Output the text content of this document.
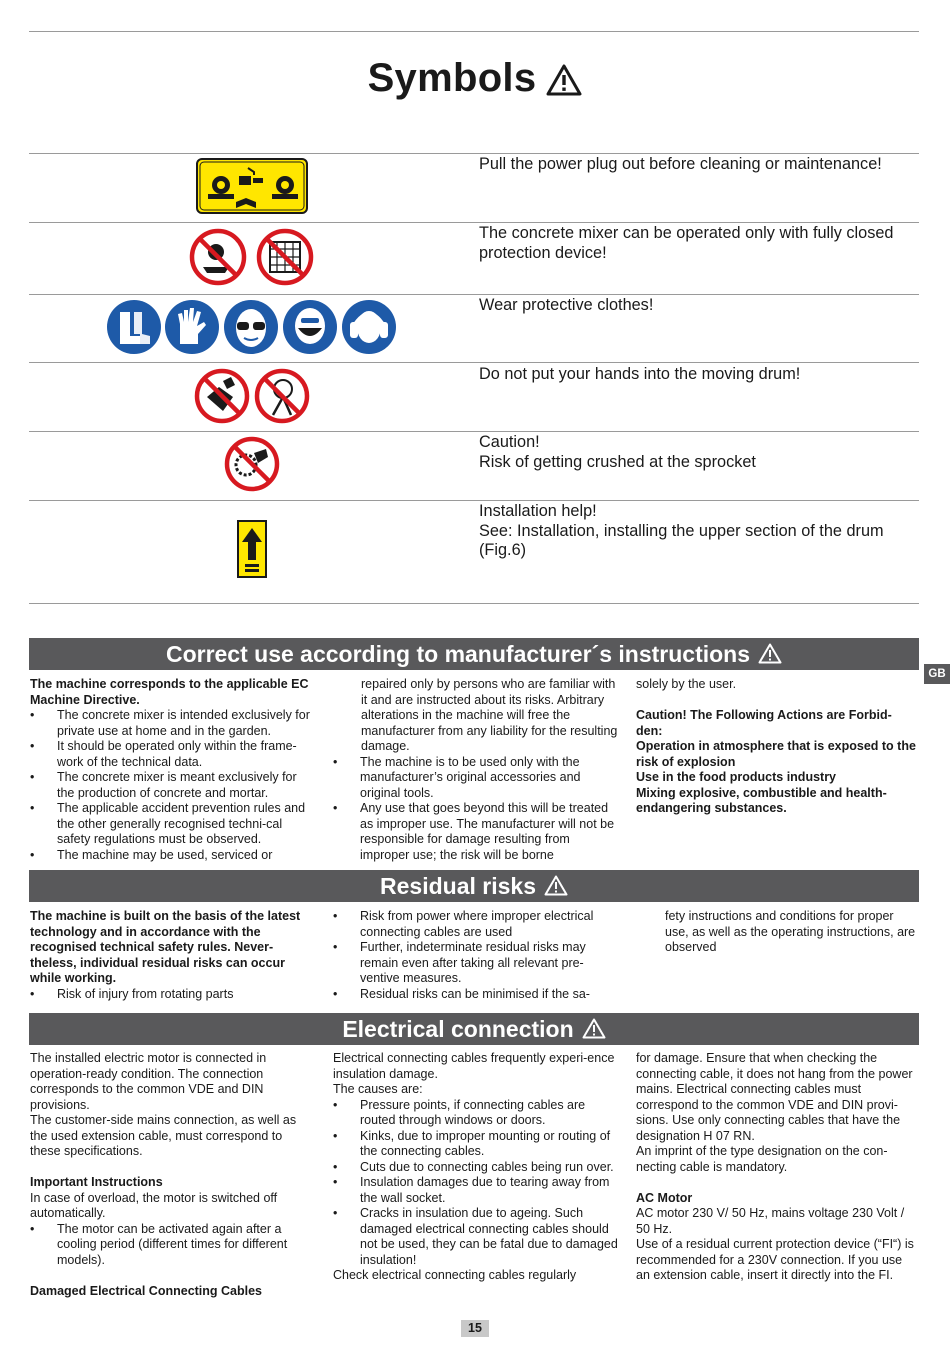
Symbols
Pull the power plug out before cleaning or maintenance!
The concrete mixer can be operated only with fully closed protection device!
Wear protective clothes!
Do not put your hands into the moving drum!
Caution!
Risk of getting crushed at the sprocket
Installation help!
See: Installation, installing the upper section of the drum (Fig.6)
GB
Correct use according to manufacturer´s instructions

The machine corresponds to the applicable EC Machine Directive.

• The concrete mixer is intended exclusively for private use at home and in the garden.

• It should be operated only within the frame-work of the technical data.

• The concrete mixer is meant exclusively for the production of concrete and mortar.

• The applicable accident prevention rules and the other generally recognised techni-cal safety regulations must be observed.

• The machine may be used, serviced or

repaired only by persons who are familiar with it and are instructed about its risks. Arbitrary alterations in the machine will free the manufacturer from any liability for the resulting damage.

• The machine is to be used only with the manufacturer’s original accessories and original tools.

• Any use that goes beyond this will be treated as improper use. The manufacturer will not be responsible for damage resulting from improper use; the risk will be borne

solely by the user.

Caution! The Following Actions are Forbid-den:

Operation in atmosphere that is exposed to the risk of explosion

Use in the food products industry

Mixing explosive, combustible and health-endangering substances.

Residual risks

The machine is built on the basis of the latest technology and in accordance with the recognised technical safety rules. Never-theless, individual residual risks can occur while working.

• Risk of injury from rotating parts

• Risk from power where improper electrical connecting cables are used

• Further, indeterminate residual risks may remain even after taking all relevant pre-ventive measures.

• Residual risks can be minimised if the sa-

fety instructions and conditions for proper use, as well as the operating instructions, are observed

Electrical connection

The installed electric motor is connected in operation-ready condition. The connection corresponds to the common VDE and DIN provisions.

The customer-side mains connection, as well as the used extension cable, must correspond to these specifications.

Important Instructions

In case of overload, the motor is switched off automatically.

• The motor can be activated again after a cooling period (different times for different models).

Damaged Electrical Connecting Cables

Electrical connecting cables frequently experi-ence insulation damage.

The causes are:

• Pressure points, if connecting cables are routed through windows or doors.

• Kinks, due to improper mounting or routing of the connecting cables.

• Cuts due to connecting cables being run over.

• Insulation damages due to tearing away from the wall socket.

• Cracks in insulation due to ageing. Such damaged electrical connecting cables should not be used, they can be fatal due to damaged insulation!

Check electrical connecting cables regularly

for damage. Ensure that when checking the connecting cable, it does not hang from the power mains. Electrical connecting cables must correspond to the common VDE and DIN provi-sions. Use only connecting cables that have the designation H 07 RN.

An imprint of the type designation on the con-necting cable is mandatory.

AC Motor

AC motor 230 V/ 50 Hz, mains voltage 230 Volt / 50 Hz.

Use of a residual current protection device (“FI“) is recommended for a 230V connection. If you use an extension cable, insert it directly into the FI.

15
